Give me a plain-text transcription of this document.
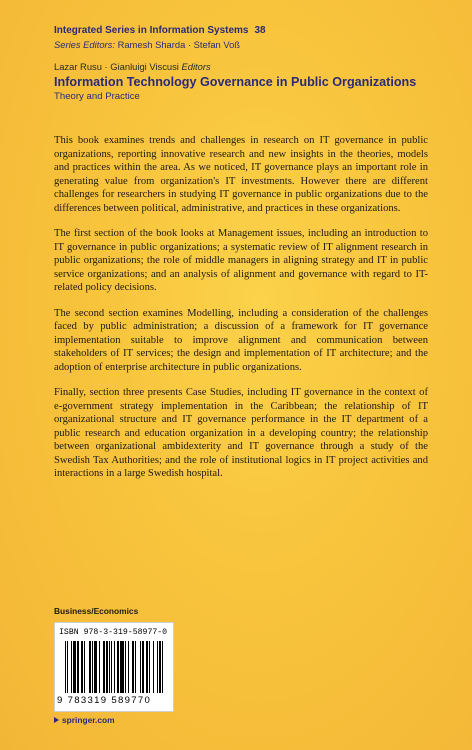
Integrated Series in Information Systems 38

Series Editors: Ramesh Sharda · Stefan Voß

Lazar Rusu · Gianluigi Viscusi Editors

Information Technology Governance in Public Organizations

Theory and Practice

This book examines trends and challenges in research on IT governance in public organizations, reporting innovative research and new insights in the theories, models and practices within the area. As we noticed, IT governance plays an important role in generating value from organization's IT investments. However there are different challenges for researchers in studying IT governance in public organizations due to the differences between political, administrative, and practices in these organizations.

The first section of the book looks at Management issues, including an introduction to IT governance in public organizations; a systematic review of IT alignment research in public organizations; the role of middle managers in aligning strategy and IT in public service organizations; and an analysis of alignment and governance with regard to IT-related policy decisions.

The second section examines Modelling, including a consideration of the challenges faced by public administration; a discussion of a framework for IT governance implementation suitable to improve alignment and communication between stakeholders of IT services; the design and implementation of IT architecture; and the adoption of enterprise architecture in public organizations.

Finally, section three presents Case Studies, including IT governance in the context of e-government strategy implementation in the Caribbean; the relationship of IT organizational structure and IT governance performance in the IT department of a public research and education organization in a developing country; the relationship between organizational ambidexterity and IT governance through a study of the Swedish Tax Authorities; and the role of institutional logics in IT project activities and interactions in a large Swedish hospital.

Business/Economics
ISBN 978-3-319-58977-0
9 783319 589770
springer.com
